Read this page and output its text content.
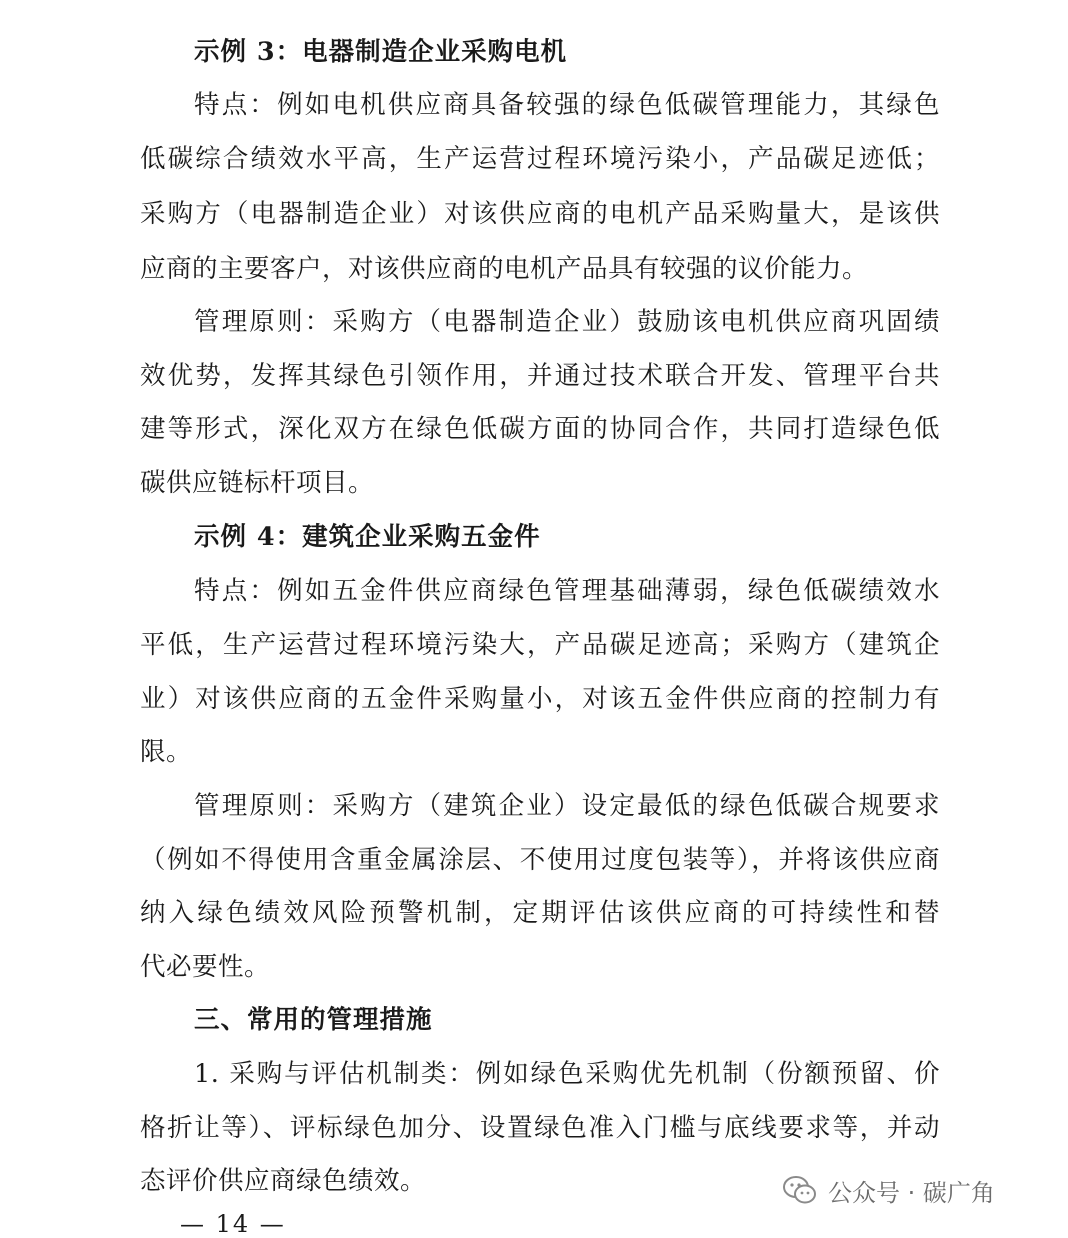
示例 3：电器制造企业采购电机
特点：例如电机供应商具备较强的绿色低碳管理能力，其绿色
低碳综合绩效水平高，生产运营过程环境污染小，产品碳足迹低；
采购方（电器制造企业）对该供应商的电机产品采购量大，是该供
应商的主要客户，对该供应商的电机产品具有较强的议价能力。
管理原则：采购方（电器制造企业）鼓励该电机供应商巩固绩
效优势，发挥其绿色引领作用，并通过技术联合开发、管理平台共
建等形式，深化双方在绿色低碳方面的协同合作，共同打造绿色低
碳供应链标杆项目。
示例 4：建筑企业采购五金件
特点：例如五金件供应商绿色管理基础薄弱，绿色低碳绩效水
平低，生产运营过程环境污染大，产品碳足迹高；采购方（建筑企
业）对该供应商的五金件采购量小，对该五金件供应商的控制力有
限。
管理原则：采购方（建筑企业）设定最低的绿色低碳合规要求
（例如不得使用含重金属涂层、不使用过度包装等），并将该供应商
纳入绿色绩效风险预警机制，定期评估该供应商的可持续性和替
代必要性。
三、常用的管理措施
1. 采购与评估机制类：例如绿色采购优先机制（份额预留、价
格折让等）、评标绿色加分、设置绿色准入门槛与底线要求等，并动
态评价供应商绿色绩效。	公众号 · 碳广角
— 14 —
